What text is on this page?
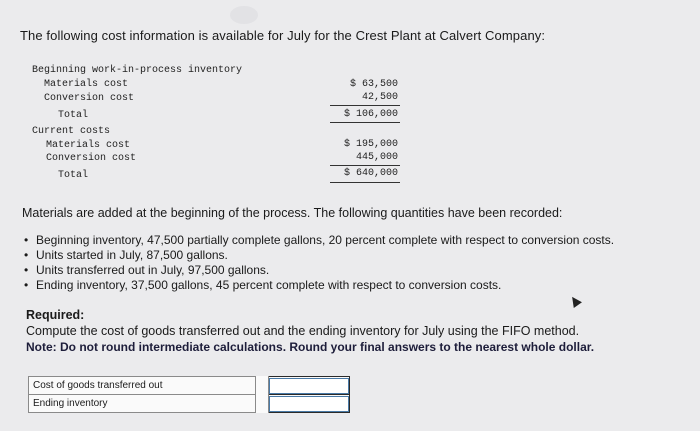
The following cost information is available for July for the Crest Plant at Calvert Company:
Beginning work-in-process inventory
Materials cost	$ 63,500
Conversion cost	42,500
Total	$ 106,000
Current costs
Materials cost	$ 195,000
Conversion cost	445,000
Total	$ 640,000
Materials are added at the beginning of the process. The following quantities have been recorded:
• Beginning inventory, 47,500 partially complete gallons, 20 percent complete with respect to conversion costs.
• Units started in July, 87,500 gallons.
• Units transferred out in July, 97,500 gallons.
• Ending inventory, 37,500 gallons, 45 percent complete with respect to conversion costs.
Required:
Compute the cost of goods transferred out and the ending inventory for July using the FIFO method.
Note: Do not round intermediate calculations. Round your final answers to the nearest whole dollar.
Cost of goods transferred out		

Ending inventory		
